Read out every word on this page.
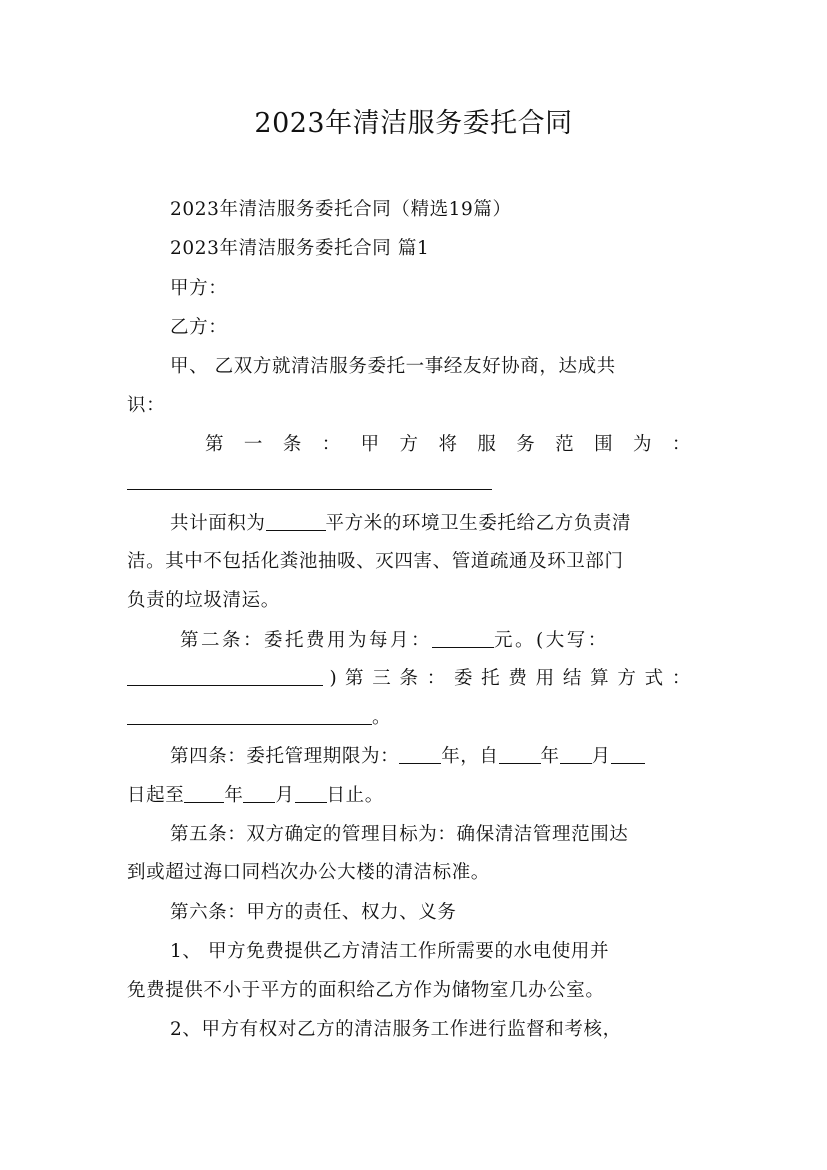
2023年清洁服务委托合同
2023年清洁服务委托合同（精选19篇）
2023年清洁服务委托合同 篇1
甲方：
乙方：
甲、 乙双方就清洁服务委托一事经友好协商，达成共
识：
第 一 条 ： 甲 方 将 服 务 范 围 为 ：
共计面积为	平方米的环境卫生委托给乙方负责清
洁。其中不包括化粪池抽吸、灭四害、管道疏通及环卫部门
负责的垃圾清运。
第二条：委托费用为每月：	元。(大写：
) 第 三 条 ： 委 托 费 用 结 算 方 式 ：
。
第四条：委托管理期限为： 年，自 年 月
日起至 年 月 日止。
第五条：双方确定的管理目标为：确保清洁管理范围达
到或超过海口同档次办公大楼的清洁标准。
第六条：甲方的责任、权力、义务
1、 甲方免费提供乙方清洁工作所需要的水电使用并
免费提供不小于平方的面积给乙方作为储物室几办公室。
2、甲方有权对乙方的清洁服务工作进行监督和考核，
